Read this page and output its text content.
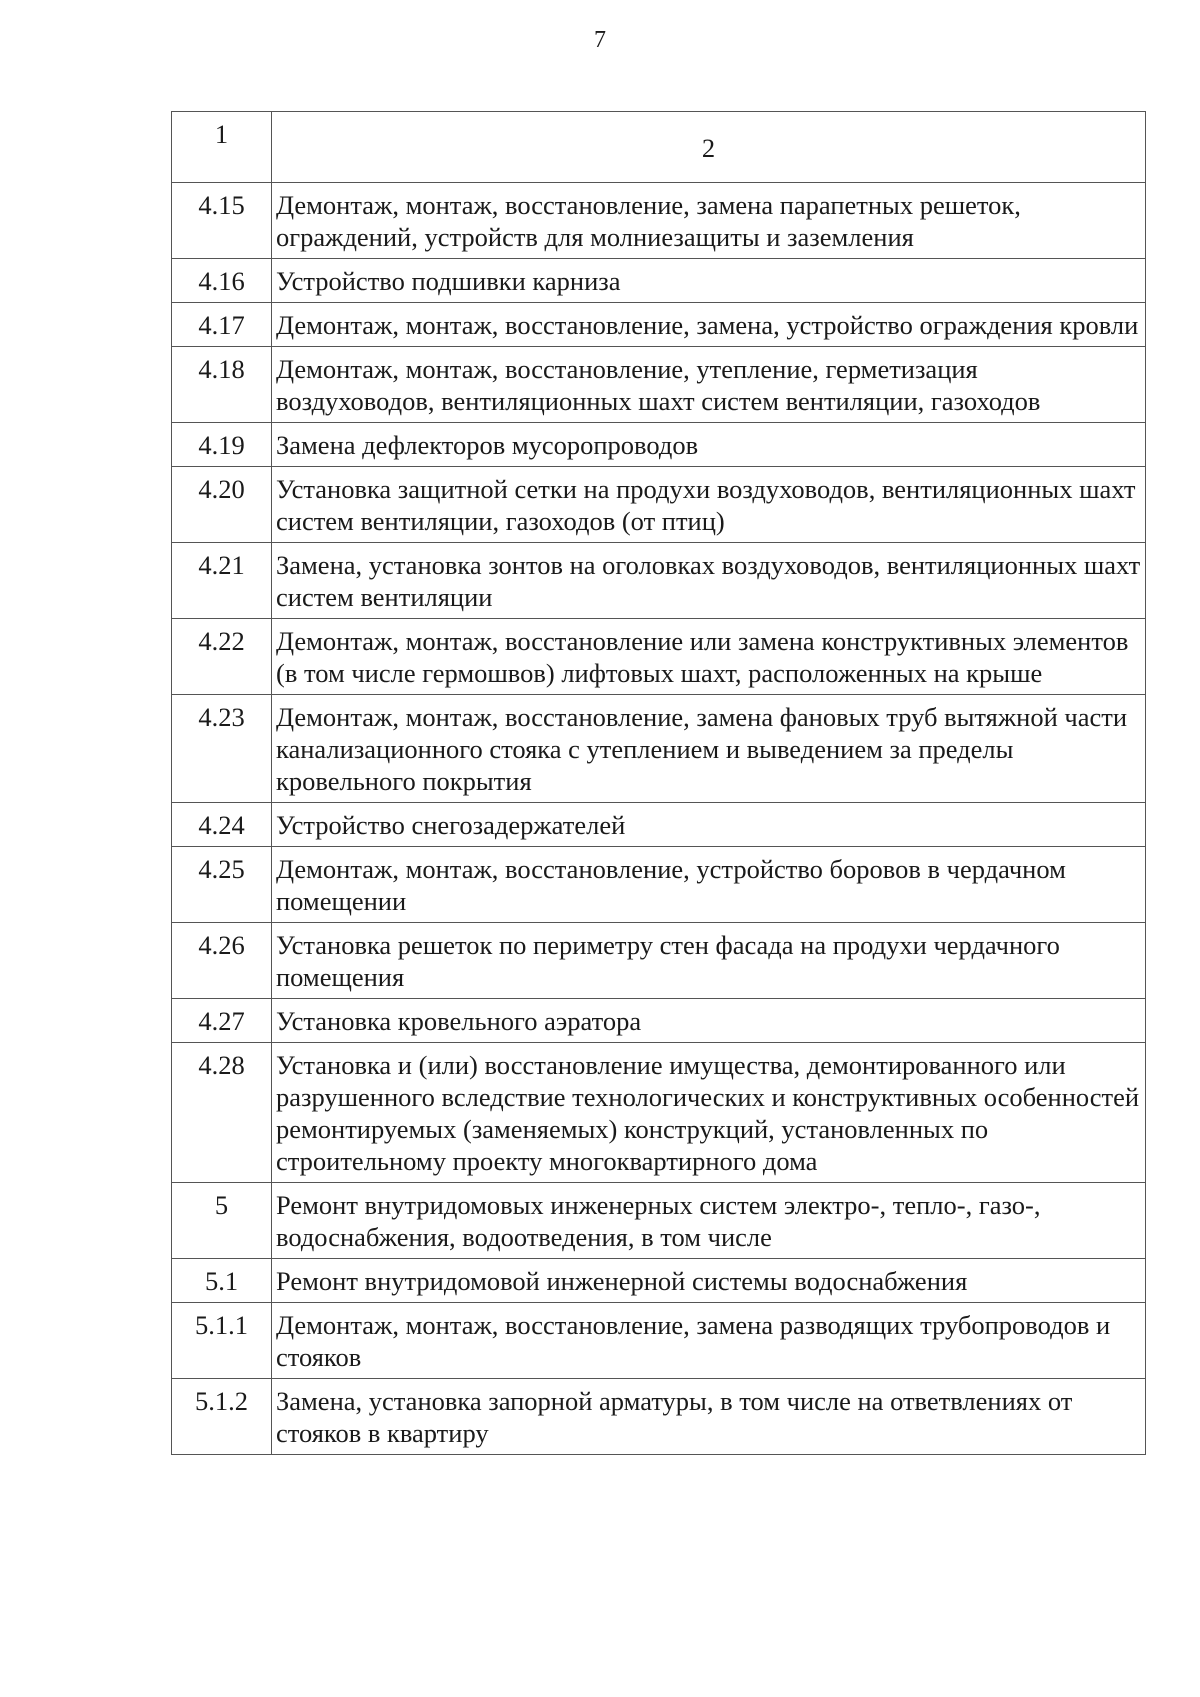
7
1	2
4.15	Демонтаж, монтаж, восстановление, замена парапетных решеток, ограждений, устройств для молниезащиты и заземления
4.16	Устройство подшивки карниза
4.17	Демонтаж, монтаж, восстановление, замена, устройство ограждения кровли
4.18	Демонтаж, монтаж, восстановление, утепление, герметизация воздуховодов, вентиляционных шахт систем вентиляции, газоходов
4.19	Замена дефлекторов мусоропроводов
4.20	Установка защитной сетки на продухи воздуховодов, вентиляционных шахт систем вентиляции, газоходов (от птиц)
4.21	Замена, установка зонтов на оголовках воздуховодов, вентиляционных шахт систем вентиляции
4.22	Демонтаж, монтаж, восстановление или замена конструктивных элементов (в том числе гермошвов) лифтовых шахт, расположенных на крыше
4.23	Демонтаж, монтаж, восстановление, замена фановых труб вытяжной части канализационного стояка с утеплением и выведением за пределы кровельного покрытия
4.24	Устройство снегозадержателей
4.25	Демонтаж, монтаж, восстановление, устройство боровов в чердачном помещении
4.26	Установка решеток по периметру стен фасада на продухи чердачного помещения
4.27	Установка кровельного аэратора
4.28	Установка и (или) восстановление имущества, демонтированного или разрушенного вследствие технологических и конструктивных особенностей ремонтируемых (заменяемых) конструкций, установленных по строительному проекту многоквартирного дома
5	Ремонт внутридомовых инженерных систем электро-, тепло-, газо-, водоснабжения, водоотведения, в том числе
5.1	Ремонт внутридомовой инженерной системы водоснабжения
5.1.1	Демонтаж, монтаж, восстановление, замена разводящих трубопроводов и стояков
5.1.2	Замена, установка запорной арматуры, в том числе на ответвлениях от стояков в квартиру
